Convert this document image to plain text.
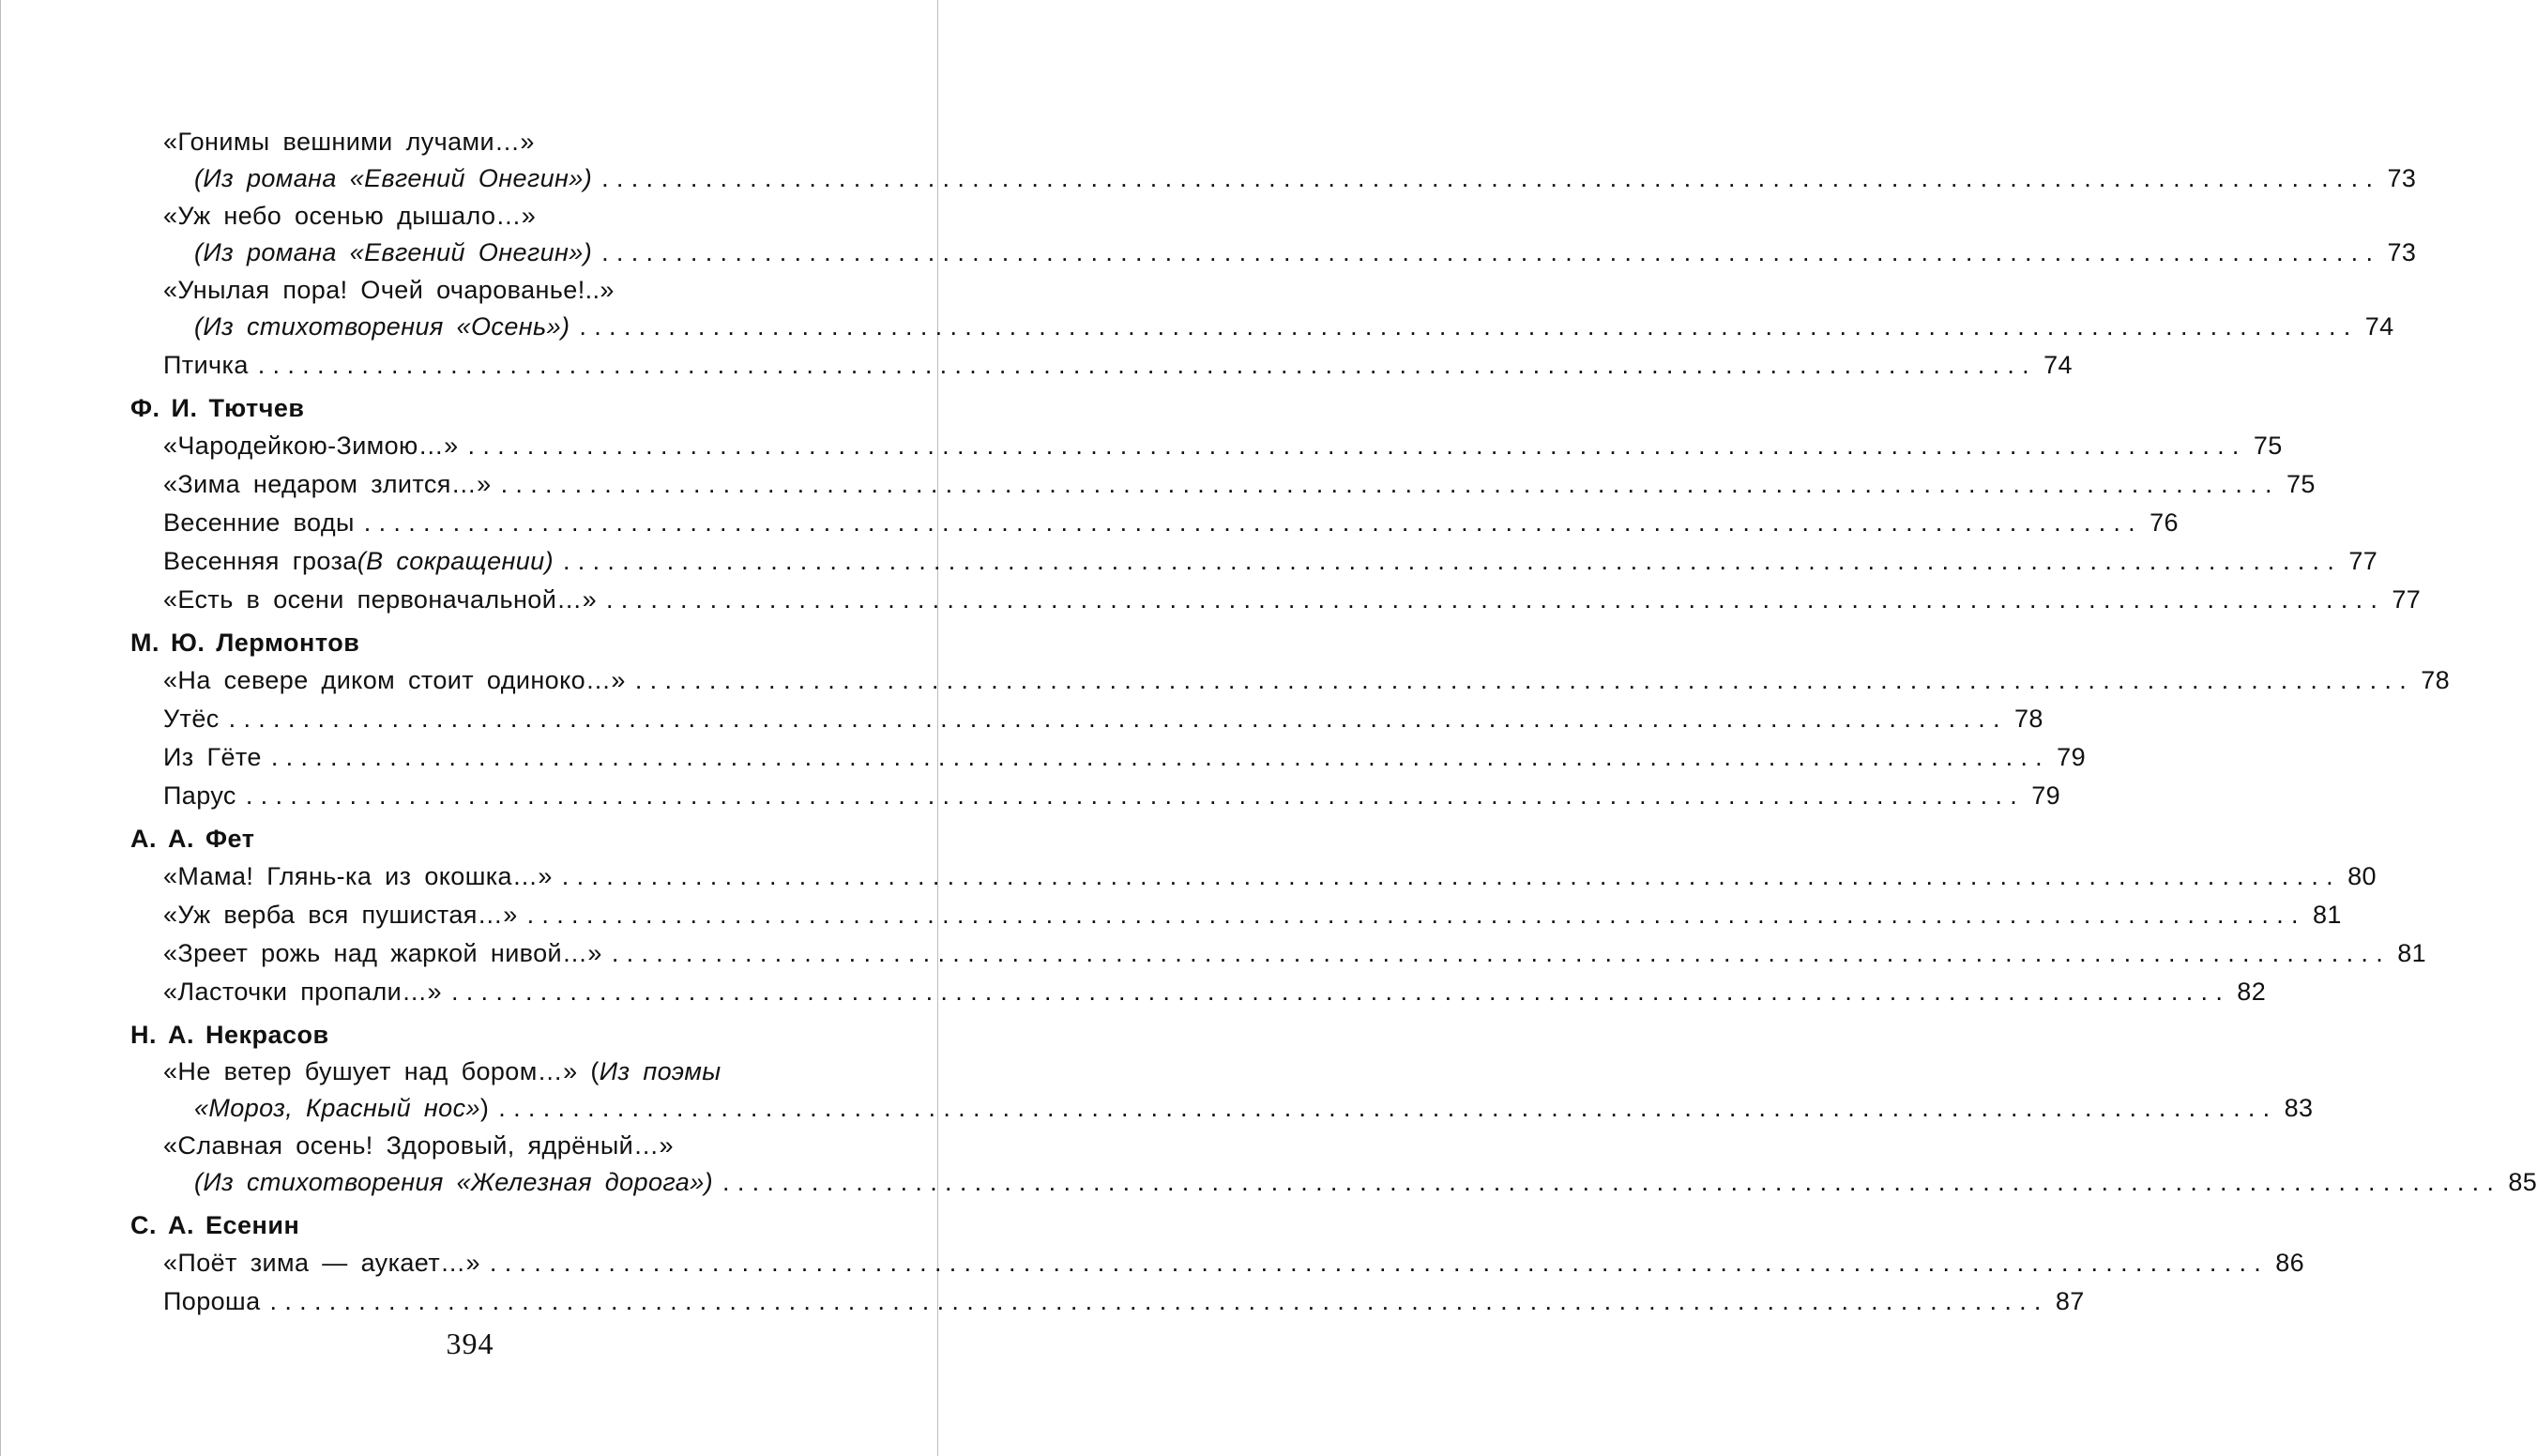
«Гонимы вешними лучами…»
(Из романа «Евгений Онегин») ........................................................................................................................ 73
«Уж небо осенью дышало…»
(Из романа «Евгений Онегин») ........................................................................................................................ 73
«Унылая пора! Очей очарованье!..»
(Из стихотворения «Осень») ........................................................................................................................ 74
Птичка ........................................................................................................................ 74
Ф. И. Тютчев
«Чародейкою-Зимою…» ........................................................................................................................ 75
«Зима недаром злится…» ........................................................................................................................ 75
Весенние воды ........................................................................................................................ 76
Весенняя гроза (В сокращении) ........................................................................................................................ 77
«Есть в осени первоначальной…» ........................................................................................................................ 77
М. Ю. Лермонтов
«На севере диком стоит одиноко…» ........................................................................................................................ 78
Утёс ........................................................................................................................ 78
Из Гёте ........................................................................................................................ 79
Парус ........................................................................................................................ 79
А. А. Фет
«Мама! Глянь-ка из окошка…» ........................................................................................................................ 80
«Уж верба вся пушистая…» ........................................................................................................................ 81
«Зреет рожь над жаркой нивой…» ........................................................................................................................ 81
«Ласточки пропали…» ........................................................................................................................ 82
Н. А. Некрасов
«Не ветер бушует над бором…» (Из поэмы
«Мороз, Красный нос» ) ........................................................................................................................ 83
«Славная осень! Здоровый, ядрёный…»
(Из стихотворения «Железная дорога») ........................................................................................................................ 85
С. А. Есенин
«Поёт зима — аукает…» ........................................................................................................................ 86
Пороша ........................................................................................................................ 87
394
